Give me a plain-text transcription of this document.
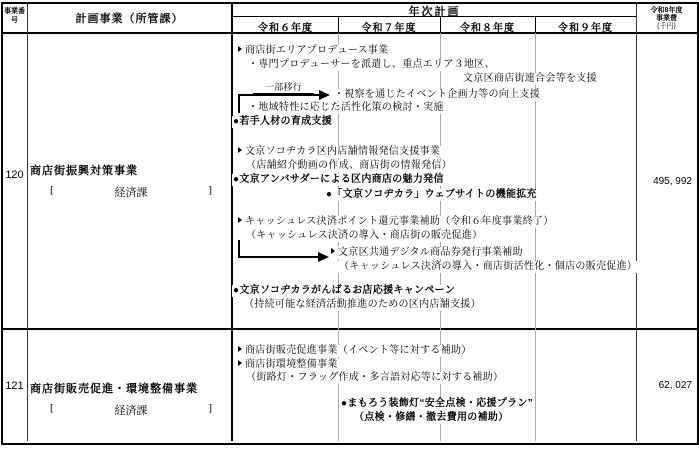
事業番
号	計画事業（所管課）
年次計画
令和６年度	令和７年度	令和８年度	令和９年度
令和8年度
事業費
(千円)
120 商店街振興対策事業
[	経済課	]
495, 992
商店街エリアプロデュース事業
・専門プロデューサーを派遣し、重点エリア３地区、
文京区商店街連合会等を支援
・視察を通じたイベント企画力等の向上支援
・地域特性に応じた活性化策の検討・実施
●若手人材の育成支援
文京ソコヂカラ区内店舗情報発信支援事業
（店舗紹介動画の作成、商店街の情報発信）
●文京アンバサダーによる区内商店の魅力発信
●「文京ソコヂカラ」ウェブサイトの機能拡充
キャッシュレス決済ポイント還元事業補助（令和６年度事業終了）
（キャッシュレス決済の導入・商店街の販売促進）
文京区共通デジタル商品券発行事業補助
（キャッシュレス決済の導入・商店街活性化・個店の販売促進）
●文京ソコヂカラがんばるお店応援キャンペーン
（持続可能な経済活動推進のための区内店舗支援）
一部移行
121 商店街販売促進・環境整備事業
[	経済課	]
62, 027
商店街販売促進事業（イベント等に対する補助）
商店街環境整備事業
（街路灯・フラッグ作成・多言語対応等に対する補助）
●まもろう装飾灯“安全点検・応援プラン”
（点検・修繕・撤去費用の補助）
